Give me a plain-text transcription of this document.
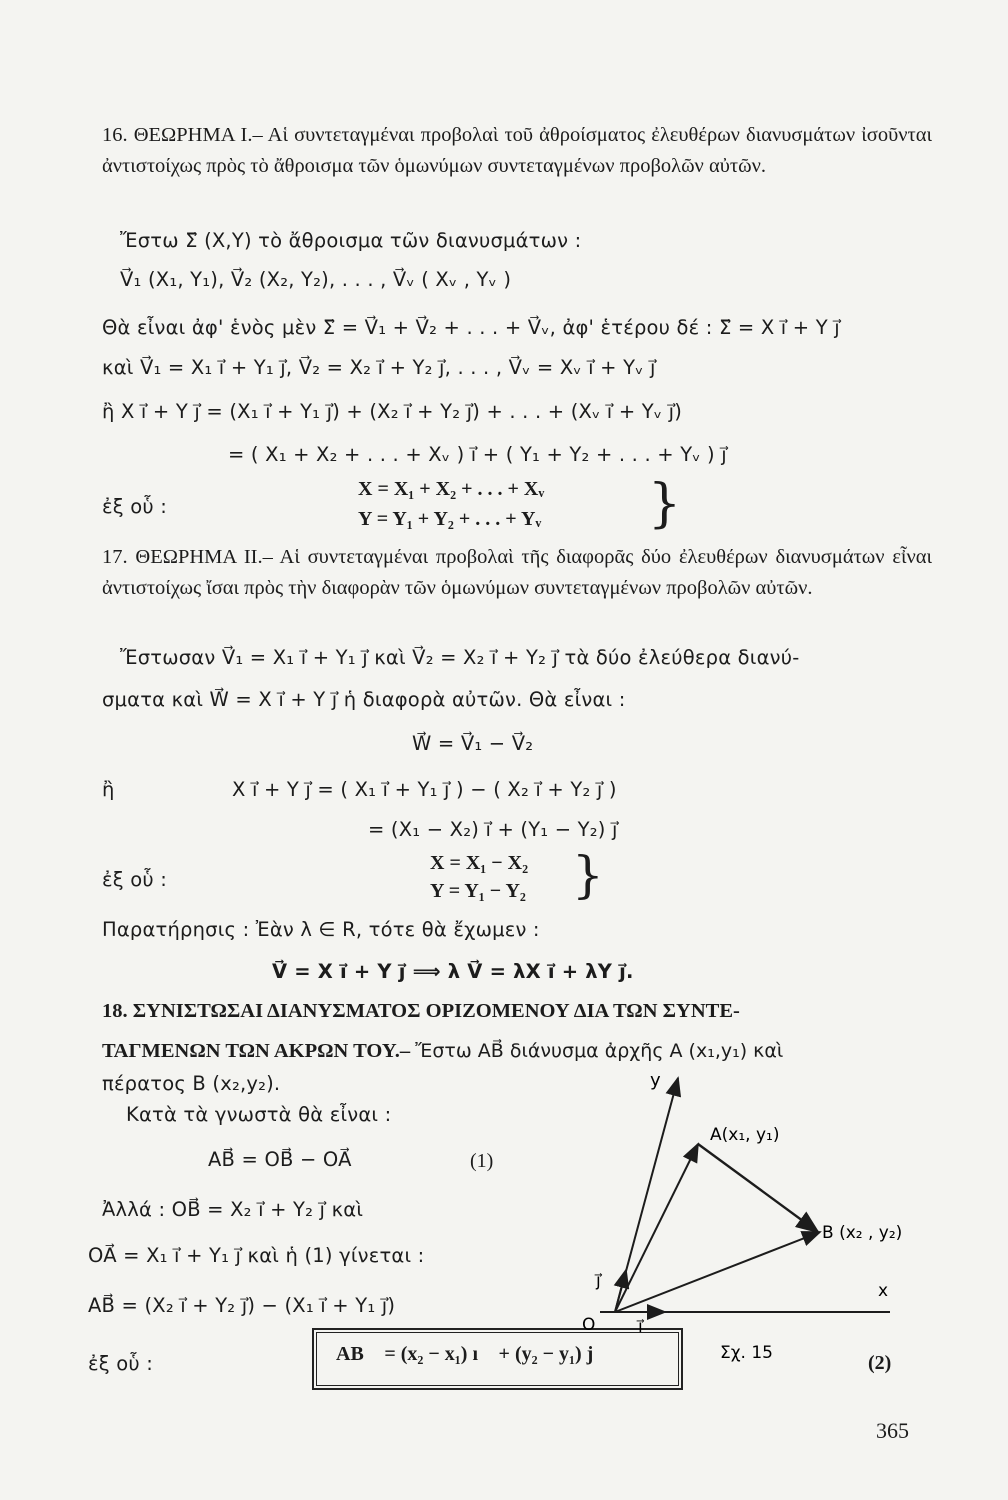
16. ΘΕΩΡΗΜΑ Ι.– Αἱ συντεταγμέναι προβολαὶ τοῦ ἀθροίσματος ἐλευθέρων διανυσμάτων ἰσοῦνται ἀντιστοίχως πρὸς τὸ ἄθροισμα τῶν ὁμωνύμων συντεταγμένων προβολῶν αὐτῶν.
Ἔστω Σ⃗ (X,Y) τὸ ἄθροισμα τῶν διανυσμάτων :
V⃗₁ (X₁, Y₁), V⃗₂ (X₂, Y₂), . . . , V⃗ᵥ ( Xᵥ , Yᵥ )
Θὰ εἶναι ἀφ' ἑνὸς μὲν Σ⃗ = V⃗₁ + V⃗₂ + . . . + V⃗ᵥ, ἀφ' ἑτέρου δέ : Σ⃗ = X ı⃗ + Y j⃗
καὶ V⃗₁ = X₁ ı⃗ + Y₁ j⃗, V⃗₂ = X₂ ı⃗ + Y₂ j⃗, . . . , V⃗ᵥ = Xᵥ ı⃗ + Yᵥ j⃗
ἢ X ı⃗ + Y j⃗ = (X₁ ı⃗ + Y₁ j⃗) + (X₂ ı⃗ + Y₂ j⃗) + . . . + (Xᵥ ı⃗ + Yᵥ j⃗)
= ( X₁ + X₂ + . . . + Xᵥ ) ı⃗ + ( Y₁ + Y₂ + . . . + Yᵥ ) j⃗
ἐξ οὗ :
X = X₁ + X₂ + . . . + Xᵥ
Y = Y₁ + Y₂ + . . . + Yᵥ }
17. ΘΕΩΡΗΜΑ ΙΙ.– Αἱ συντεταγμέναι προβολαὶ τῆς διαφορᾶς δύο ἐλευθέρων διανυσμάτων εἶναι ἀντιστοίχως ἴσαι πρὸς τὴν διαφορὰν τῶν ὁμωνύμων συντεταγμένων προβολῶν αὐτῶν.
Ἔστωσαν V⃗₁ = X₁ ı⃗ + Y₁ j⃗ καὶ V⃗₂ = X₂ ı⃗ + Y₂ j⃗ τὰ δύο ἐλεύθερα διανύ-
σματα καὶ W⃗ = X ı⃗ + Y j⃗ ἡ διαφορὰ αὐτῶν. Θὰ εἶναι :
W⃗ = V⃗₁ − V⃗₂
ἢ	X ı⃗ + Y j⃗ = ( X₁ ı⃗ + Y₁ j⃗ ) − ( X₂ ı⃗ + Y₂ j⃗ )
= (X₁ − X₂) ı⃗ + (Y₁ − Y₂) j⃗
ἐξ οὗ :
X = X₁ − X₂
Y = Y₁ − Y₂ }
Παρατήρησις : Ἐὰν λ ∈ R, τότε θὰ ἔχωμεν :
V⃗ = X ı⃗ + Y j⃗ ⟹ λ V⃗ = λX ı⃗ + λY j⃗.
18. ΣΥΝΙΣΤΩΣΑΙ ΔΙΑΝΥΣΜΑΤΟΣ ΟΡΙΖΟΜΕΝΟΥ ΔΙΑ ΤΩΝ ΣΥΝΤΕ-
ΤΑΓΜΕΝΩΝ ΤΩΝ ΑΚΡΩΝ ΤΟΥ.– Ἔστω AB⃗ διάνυσμα ἀρχῆς A (x₁,y₁) καὶ
πέρατος B (x₂,y₂).
Κατὰ τὰ γνωστὰ θὰ εἶναι :
AB⃗ = OB⃗ − OA⃗	(1)
Ἀλλά : OB⃗ = X₂ ı⃗ + Y₂ j⃗ καὶ
OA⃗ = X₁ ı⃗ + Y₁ j⃗ καὶ ἡ (1) γίνεται :
AB⃗ = (X₂ ı⃗ + Y₂ j⃗) − (X₁ ı⃗ + Y₁ j⃗)
ἐξ οὗ :	AB⃗ = (x₂ − x₁) ı⃗ + (y₂ − y₁) j⃗	(2)
y
x
O	ı⃗
j⃗
A(x₁, y₁)
B (x₂ , y₂)
Σχ. 15
365
